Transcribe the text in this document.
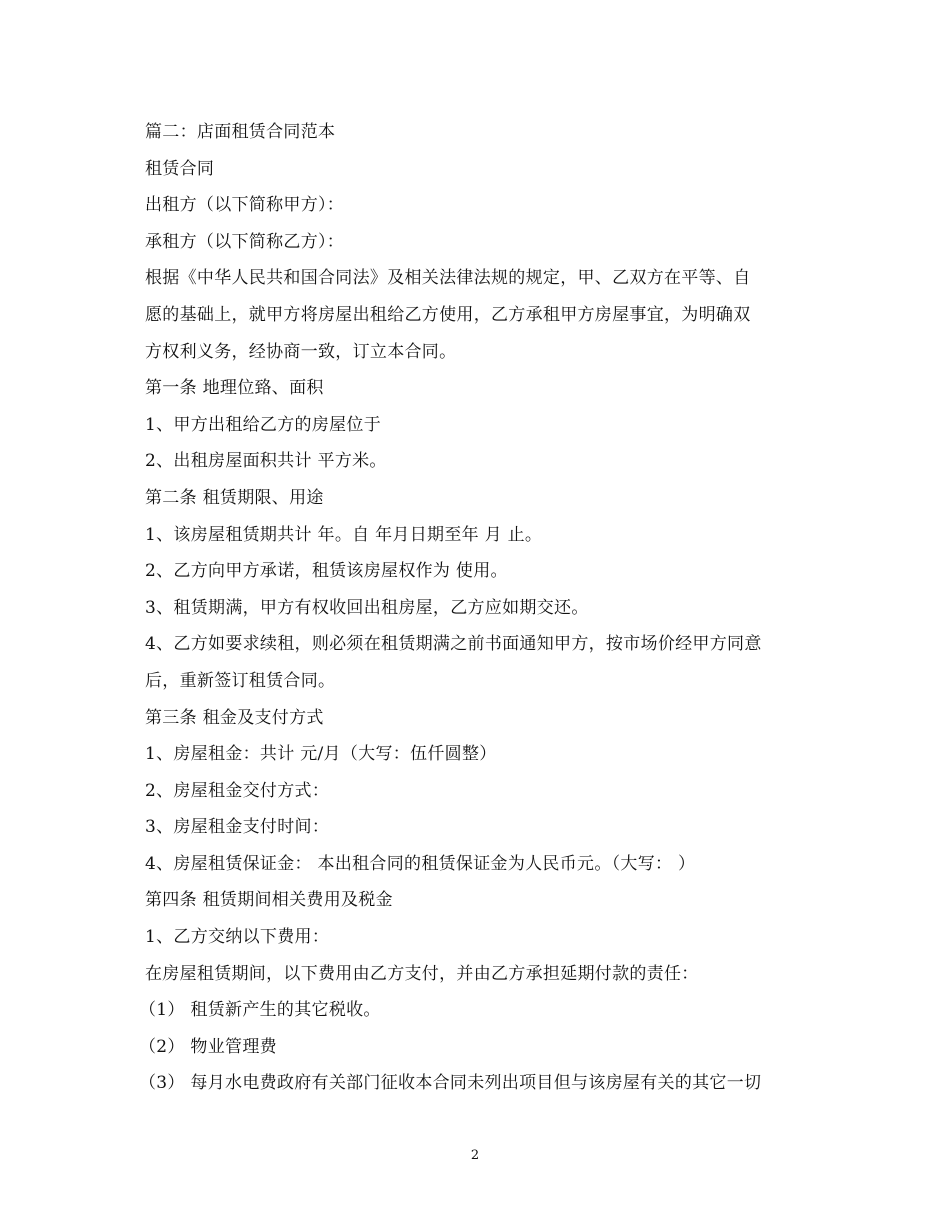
篇二：店面租赁合同范本
租赁合同
出租方（以下简称甲方）：
承租方（以下简称乙方）：
根据《中华人民共和国合同法》及相关法律法规的规定，甲、乙双方在平等、自
愿的基础上，就甲方将房屋出租给乙方使用，乙方承租甲方房屋事宜，为明确双
方权利义务，经协商一致，订立本合同。
第一条 地理位臵、面积
1、甲方出租给乙方的房屋位于
2、出租房屋面积共计 平方米。
第二条 租赁期限、用途
1、该房屋租赁期共计 年。自 年月日期至年 月 止。
2、乙方向甲方承诺，租赁该房屋权作为 使用。
3、租赁期满，甲方有权收回出租房屋，乙方应如期交还。
4、乙方如要求续租，则必须在租赁期满之前书面通知甲方，按市场价经甲方同意
后，重新签订租赁合同。
第三条 租金及支付方式
1、房屋租金：共计 元/月（大写：伍仟圆整）
2、房屋租金交付方式：
3、房屋租金支付时间：
4、房屋租赁保证金： 本出租合同的租赁保证金为人民币元。（大写： ）
第四条 租赁期间相关费用及税金
1、乙方交纳以下费用：
在房屋租赁期间，以下费用由乙方支付，并由乙方承担延期付款的责任：
（1） 租赁新产生的其它税收。
（2） 物业管理费
（3） 每月水电费政府有关部门征收本合同未列出项目但与该房屋有关的其它一切
2
